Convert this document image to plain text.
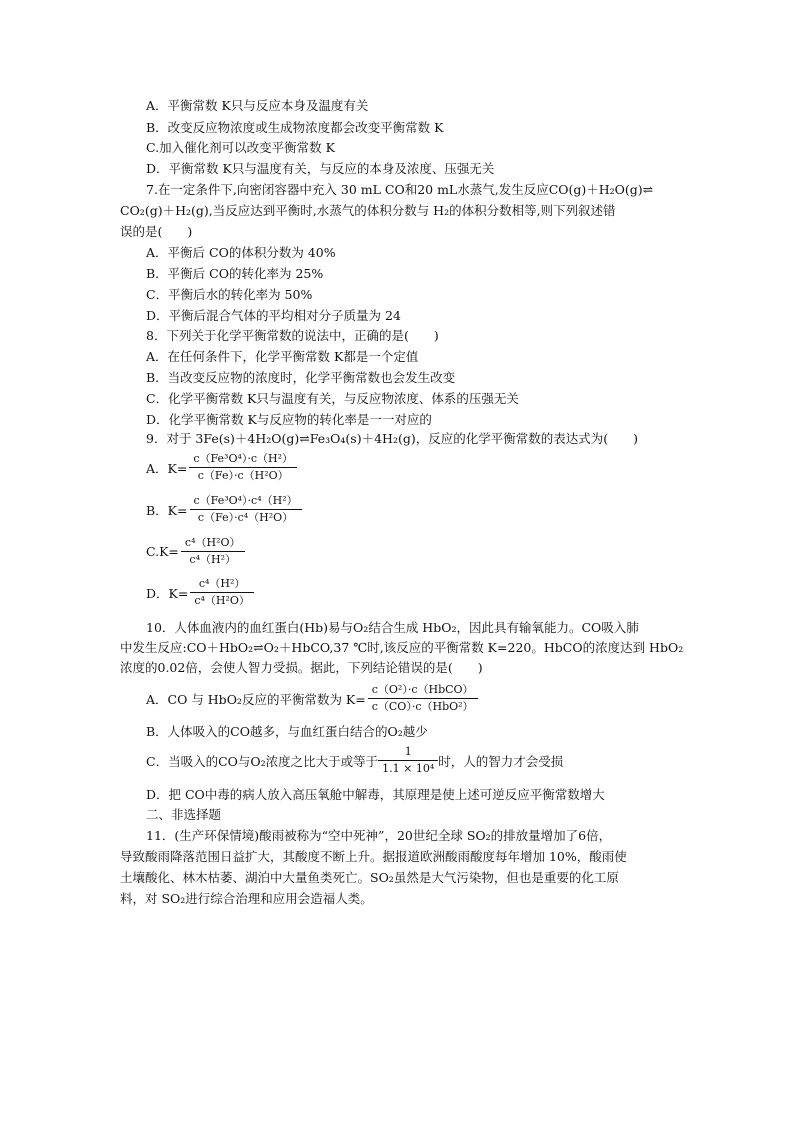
A．平衡常数 K只与反应本身及温度有关
B．改变反应物浓度或生成物浓度都会改变平衡常数 K
C.加入催化剂可以改变平衡常数 K
D．平衡常数 K只与温度有关，与反应的本身及浓度、压强无关
7.在一定条件下,向密闭容器中充入 30 mL CO和20 mL水蒸气,发生反应CO(g)＋H₂O(g)⇌
CO₂(g)＋H₂(g),当反应达到平衡时,水蒸气的体积分数与 H₂的体积分数相等,则下列叙述错
误的是(　　)
A．平衡后 CO的体积分数为 40%
B．平衡后 CO的转化率为 25%
C．平衡后水的转化率为 50%
D．平衡后混合气体的平均相对分子质量为 24
8．下列关于化学平衡常数的说法中，正确的是(　　)
A．在任何条件下，化学平衡常数 K都是一个定值
B．当改变反应物的浓度时，化学平衡常数也会发生改变
C．化学平衡常数 K只与温度有关，与反应物浓度、体系的压强无关
D．化学平衡常数 K与反应物的转化率是一一对应的
9．对于 3Fe(s)＋4H₂O(g)⇌Fe₃O₄(s)＋4H₂(g)，反应的化学平衡常数的表达式为(　　)
A．$K= \frac{\text{c（Fe³O⁴）·c（H²）}}{\text{c（Fe）·c（H²O）}}$
B．$K= \frac{\text{c（Fe³O⁴）·c⁴（H²）}}{\text{c（Fe）·c⁴（H²O）}}$
$C.K= \frac{\text{c⁴（H²O）}}{\text{c⁴（H²）}}$
D．$K= \frac{\text{c⁴（H²）}}{\text{c⁴（H²O）}}$
10．人体血液内的血红蛋白(Hb)易与O₂结合生成 HbO₂，因此具有输氧能力。CO吸入肺
中发生反应:CO＋HbO₂⇌O₂＋HbCO,37 ℃时,该反应的平衡常数 K=220。HbCO的浓度达到 HbO₂
浓度的0.02倍，会使人智力受损。据此，下列结论错误的是(　　)
A．CO 与 HbO₂反应的平衡常数为 $K= \frac{\text{c（O²）·c（HbCO）}}{\text{c（CO）·c（HbO²）}}$
B．人体吸入的CO越多，与血红蛋白结合的O₂越少
C．当吸入的CO与O₂浓度之比大于或等于 $\frac{1}{\text{1.1 × 10⁴}}$ 时，人的智力才会受损
D．把 CO中毒的病人放入高压氧舱中解毒，其原理是使上述可逆反应平衡常数增大
二、非选择题
11．(生产环保情境)酸雨被称为“空中死神”，20世纪全球 SO₂的排放量增加了6倍，
导致酸雨降落范围日益扩大，其酸度不断上升。据报道欧洲酸雨酸度每年增加 10%，酸雨使
土壤酸化、林木枯萎、湖泊中大量鱼类死亡。SO₂虽然是大气污染物，但也是重要的化工原
料，对 SO₂进行综合治理和应用会造福人类。
